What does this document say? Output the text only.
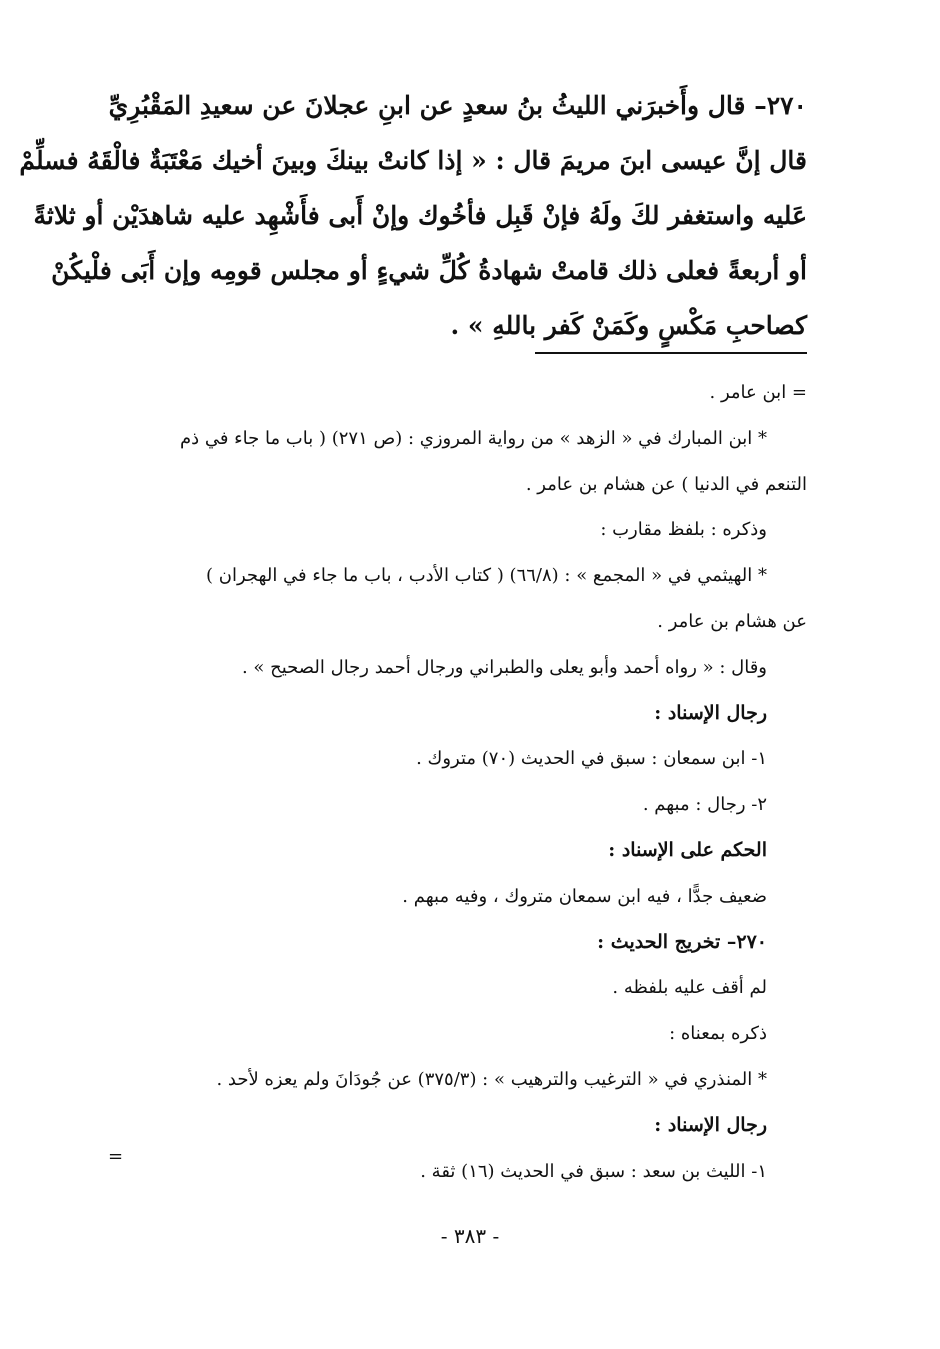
٢٧٠– قال وأَخبرَني الليثُ بنُ سعدٍ عن ابنِ عجلانَ عن سعيدِ المَقْبُرِيِّ
قال إنَّ عيسى ابنَ مريمَ قال : « إذا كانتْ بينكَ وبينَ أخيك مَعْتَبَةٌ فالْقَهُ فسلِّمْ
عَليه واستغفر لكَ ولَهُ فإنْ قَبِل فأخُوك وإنْ أَبى فأَشْهِد عليه شاهدَيْن أو ثلاثةً
أو أربعةً فعلى ذلك قامتْ شهادةُ كُلِّ شيءٍ أو مجلس قومِه وإن أَبَى فلْيكُنْ
كصاحبِ مَكْسٍ وكَمَنْ كَفر باللهِ » .
= ابن عامر .
* ابن المبارك في « الزهد » من رواية المروزي : (ص ٢٧١) ( باب ما جاء في ذم
التنعم في الدنيا ) عن هشام بن عامر .
وذكره : بلفظ مقارب :
* الهيثمي في « المجمع » : (٦٦/٨) ( كتاب الأدب ، باب ما جاء في الهجران )
عن هشام بن عامر .
وقال : « رواه أحمد وأبو يعلى والطبراني ورجال أحمد رجال الصحيح » .
رجال الإسناد :
١- ابن سمعان : سبق في الحديث (٧٠) متروك .
٢- رجال : مبهم .
الحكم على الإسناد :
ضعيف جدًّا ، فيه ابن سمعان متروك ، وفيه مبهم .
٢٧٠– تخريج الحديث :
لم أقف عليه بلفظه .
ذكره بمعناه :
* المنذري في « الترغيب والترهيب » : (٣٧٥/٣) عن جُودَانَ ولم يعزه لأحد .
رجال الإسناد :
١- الليث بن سعد : سبق في الحديث (١٦) ثقة .
=
- ٣٨٣ -
